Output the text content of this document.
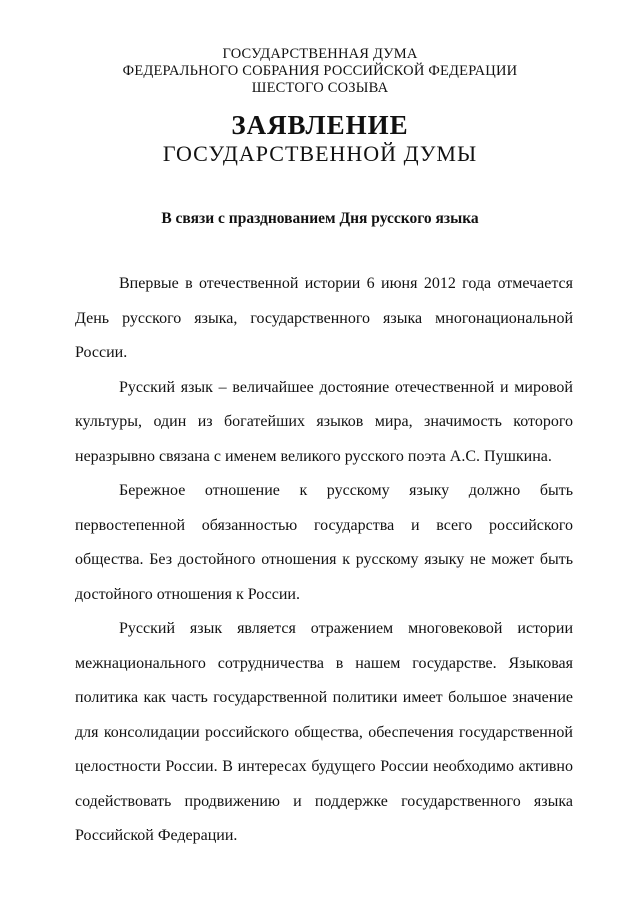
ГОСУДАРСТВЕННАЯ ДУМА
ФЕДЕРАЛЬНОГО СОБРАНИЯ РОССИЙСКОЙ ФЕДЕРАЦИИ
ШЕСТОГО СОЗЫВА
ЗАЯВЛЕНИЕ
ГОСУДАРСТВЕННОЙ ДУМЫ
В связи с празднованием Дня русского языка

Впервые в отечественной истории 6 июня 2012 года отмечается День русского языка, государственного языка многонациональной России.

Русский язык – величайшее достояние отечественной и мировой культуры, один из богатейших языков мира, значимость которого неразрывно связана с именем великого русского поэта А.С. Пушкина.

Бережное отношение к русскому языку должно быть первостепенной обязанностью государства и всего российского общества. Без достойного отношения к русскому языку не может быть достойного отношения к России.

Русский язык является отражением многовековой истории межнационального сотрудничества в нашем государстве. Языковая политика как часть государственной политики имеет большое значение для консолидации российского общества, обеспечения государственной целостности России. В интересах будущего России необходимо активно содействовать продвижению и поддержке государственного языка Российской Федерации.
